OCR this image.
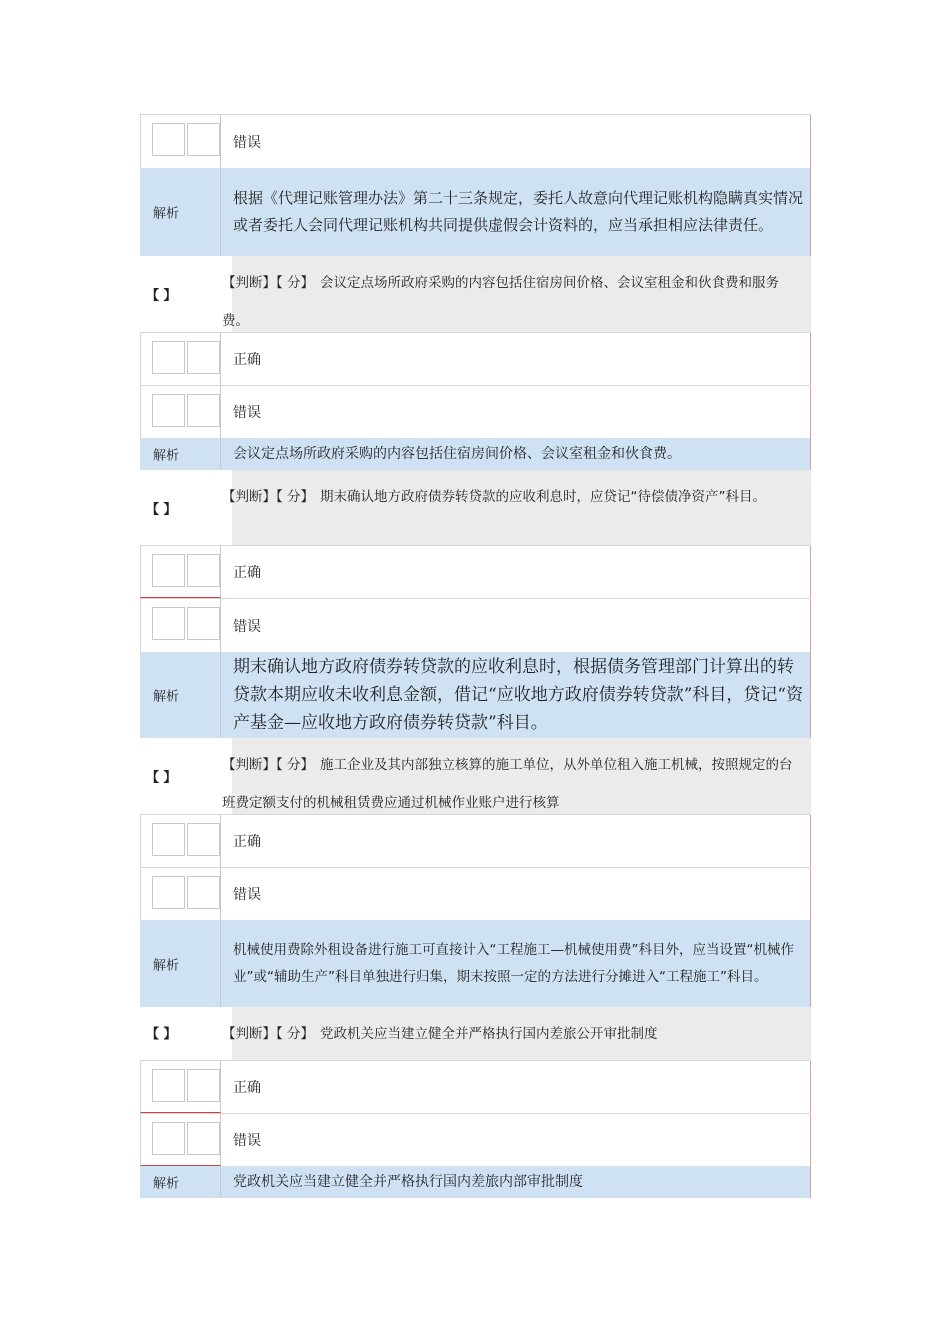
错误
解析
根据《代理记账管理办法》第二十三条规定，委托人故意向代理记账机构隐瞒真实情况或者委托人会同代理记账机构共同提供虚假会计资料的，应当承担相应法律责任。
【 】
【判断】【 分】 会议定点场所政府采购的内容包括住宿房间价格、会议室租金和伙食费和服务费。
正确
错误
解析	会议定点场所政府采购的内容包括住宿房间价格、会议室租金和伙食费。
【 】
【判断】【 分】 期末确认地方政府债券转贷款的应收利息时，应贷记“待偿债净资产”科目。
正确
错误
解析
期末确认地方政府债券转贷款的应收利息时，根据债务管理部门计算出的转贷款本期应收未收利息金额，借记“应收地方政府债券转贷款”科目，贷记“资产基金—应收地方政府债券转贷款”科目。
【 】
【判断】【 分】 施工企业及其内部独立核算的施工单位，从外单位租入施工机械，按照规定的台班费定额支付的机械租赁费应通过机械作业账户进行核算
正确
错误
解析
机械使用费除外租设备进行施工可直接计入“工程施工—机械使用费”科目外，应当设置“机械作业”或“辅助生产”科目单独进行归集，期末按照一定的方法进行分摊进入“工程施工”科目。
【 】	【判断】【 分】 党政机关应当建立健全并严格执行国内差旅公开审批制度
正确
错误
解析	党政机关应当建立健全并严格执行国内差旅内部审批制度
